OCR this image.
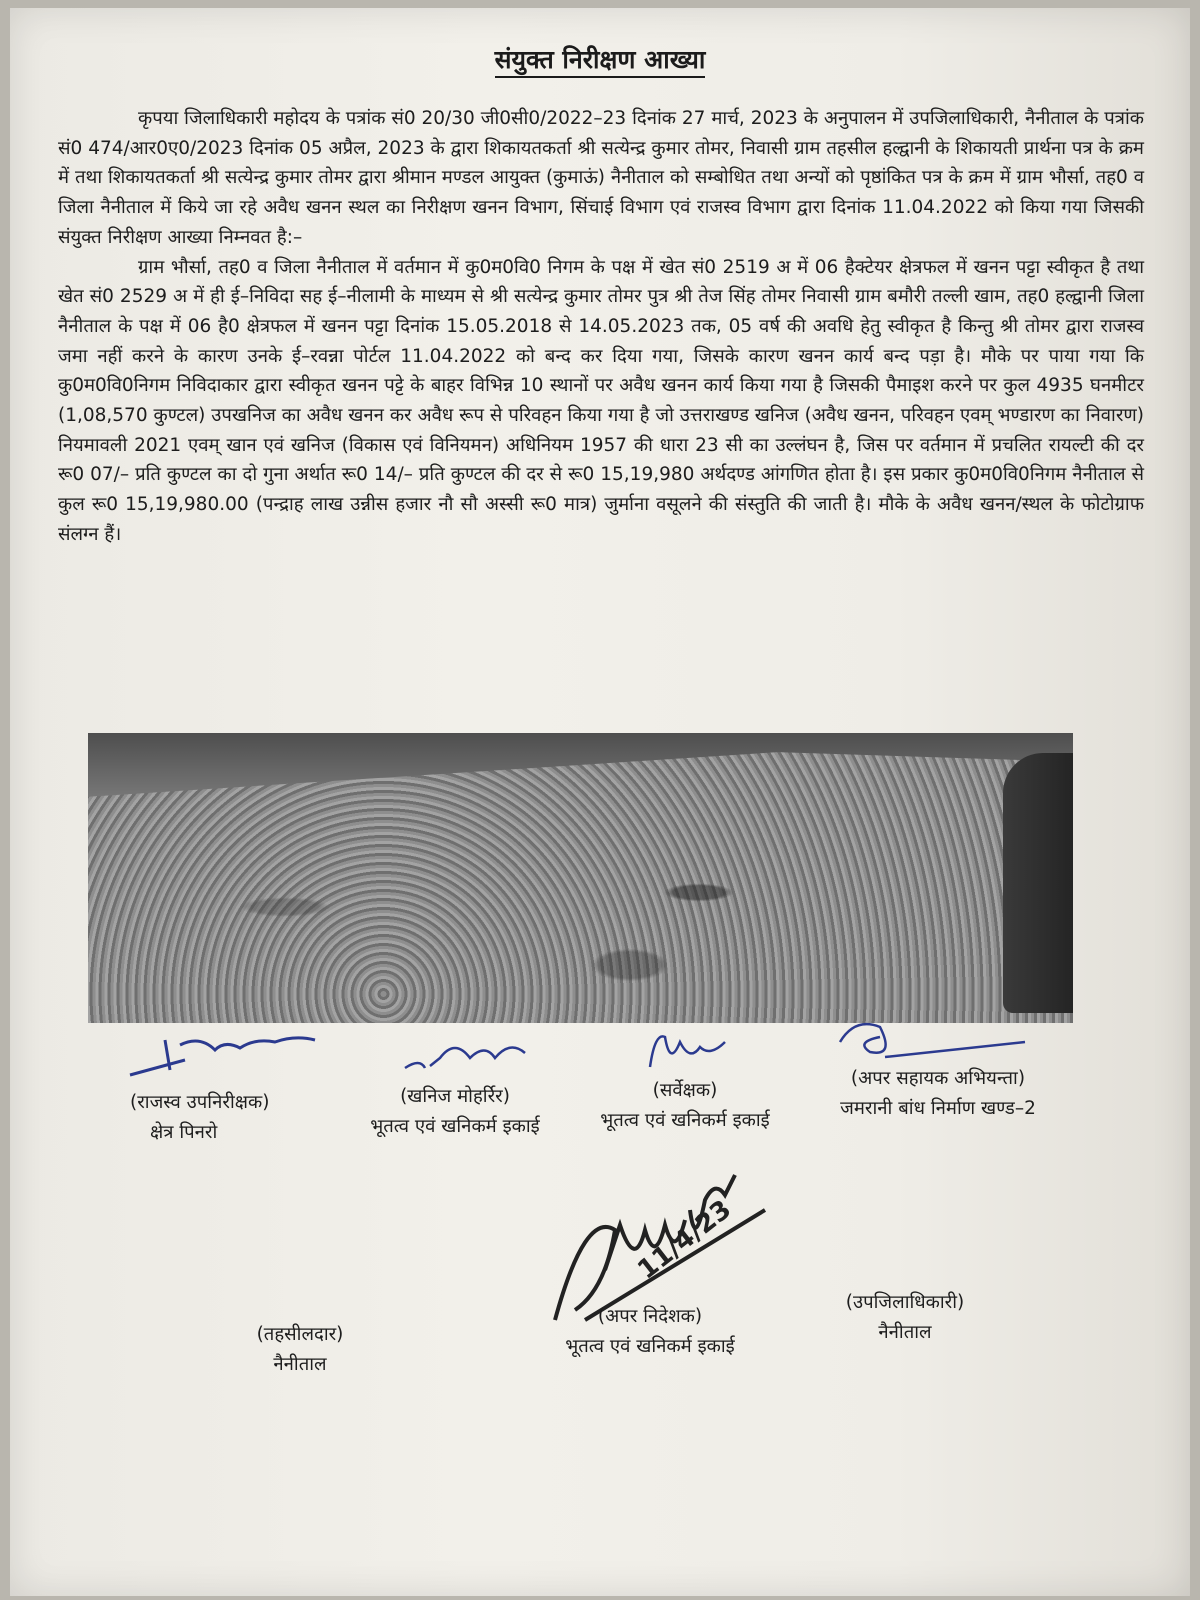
संयुक्त निरीक्षण आख्या

कृपया जिलाधिकारी महोदय के पत्रांक सं0 20/30 जी0सी0/2022–23 दिनांक 27 मार्च, 2023 के अनुपालन में उपजिलाधिकारी, नैनीताल के पत्रांक सं0 474/आर0ए0/2023 दिनांक 05 अप्रैल, 2023 के द्वारा शिकायतकर्ता श्री सत्येन्द्र कुमार तोमर, निवासी ग्राम तहसील हल्द्वानी के शिकायती प्रार्थना पत्र के क्रम में तथा शिकायतकर्ता श्री सत्येन्द्र कुमार तोमर द्वारा श्रीमान मण्डल आयुक्त (कुमाऊं) नैनीताल को सम्बोधित तथा अन्यों को पृष्ठांकित पत्र के क्रम में ग्राम भौर्सा, तह0 व जिला नैनीताल में किये जा रहे अवैध खनन स्थल का निरीक्षण खनन विभाग, सिंचाई विभाग एवं राजस्व विभाग द्वारा दिनांक 11.04.2022 को किया गया जिसकी संयुक्त निरीक्षण आख्या निम्नवत है:–

ग्राम भौर्सा, तह0 व जिला नैनीताल में वर्तमान में कु0म0वि0 निगम के पक्ष में खेत सं0 2519 अ में 06 हैक्टेयर क्षेत्रफल में खनन पट्टा स्वीकृत है तथा खेत सं0 2529 अ में ही ई–निविदा सह ई–नीलामी के माध्यम से श्री सत्येन्द्र कुमार तोमर पुत्र श्री तेज सिंह तोमर निवासी ग्राम बमौरी तल्ली खाम, तह0 हल्द्वानी जिला नैनीताल के पक्ष में 06 है0 क्षेत्रफल में खनन पट्टा दिनांक 15.05.2018 से 14.05.2023 तक, 05 वर्ष की अवधि हेतु स्वीकृत है किन्तु श्री तोमर द्वारा राजस्व जमा नहीं करने के कारण उनके ई–रवन्ना पोर्टल 11.04.2022 को बन्द कर दिया गया, जिसके कारण खनन कार्य बन्द पड़ा है। मौके पर पाया गया कि कु0म0वि0निगम निविदाकार द्वारा स्वीकृत खनन पट्टे के बाहर विभिन्न 10 स्थानों पर अवैध खनन कार्य किया गया है जिसकी पैमाइश करने पर कुल 4935 घनमीटर (1,08,570 कुण्टल) उपखनिज का अवैध खनन कर अवैध रूप से परिवहन किया गया है जो उत्तराखण्ड खनिज (अवैध खनन, परिवहन एवम् भण्डारण का निवारण) नियमावली 2021 एवम् खान एवं खनिज (विकास एवं विनियमन) अधिनियम 1957 की धारा 23 सी का उल्लंघन है, जिस पर वर्तमान में प्रचलित रायल्टी की दर रू0 07/– प्रति कुण्टल का दो गुना अर्थात रू0 14/– प्रति कुण्टल की दर से रू0 15,19,980 अर्थदण्ड आंगणित होता है। इस प्रकार कु0म0वि0निगम नैनीताल से कुल रू0 15,19,980.00 (पन्द्राह लाख उन्नीस हजार नौ सौ अस्सी रू0 मात्र) जुर्माना वसूलने की संस्तुति की जाती है। मौके के अवैध खनन/स्थल के फोटोग्राफ संलग्न हैं।

11/4/23
(राजस्व उपनिरीक्षक)
क्षेत्र पिनरो
(खनिज मोहर्रिर)
भूतत्व एवं खनिकर्म इकाई
(सर्वेक्षक)
भूतत्व एवं खनिकर्म इकाई
(अपर सहायक अभियन्ता)
जमरानी बांध निर्माण खण्ड–2
(तहसीलदार)
नैनीताल
(अपर निदेशक)
भूतत्व एवं खनिकर्म इकाई
(उपजिलाधिकारी)
नैनीताल
